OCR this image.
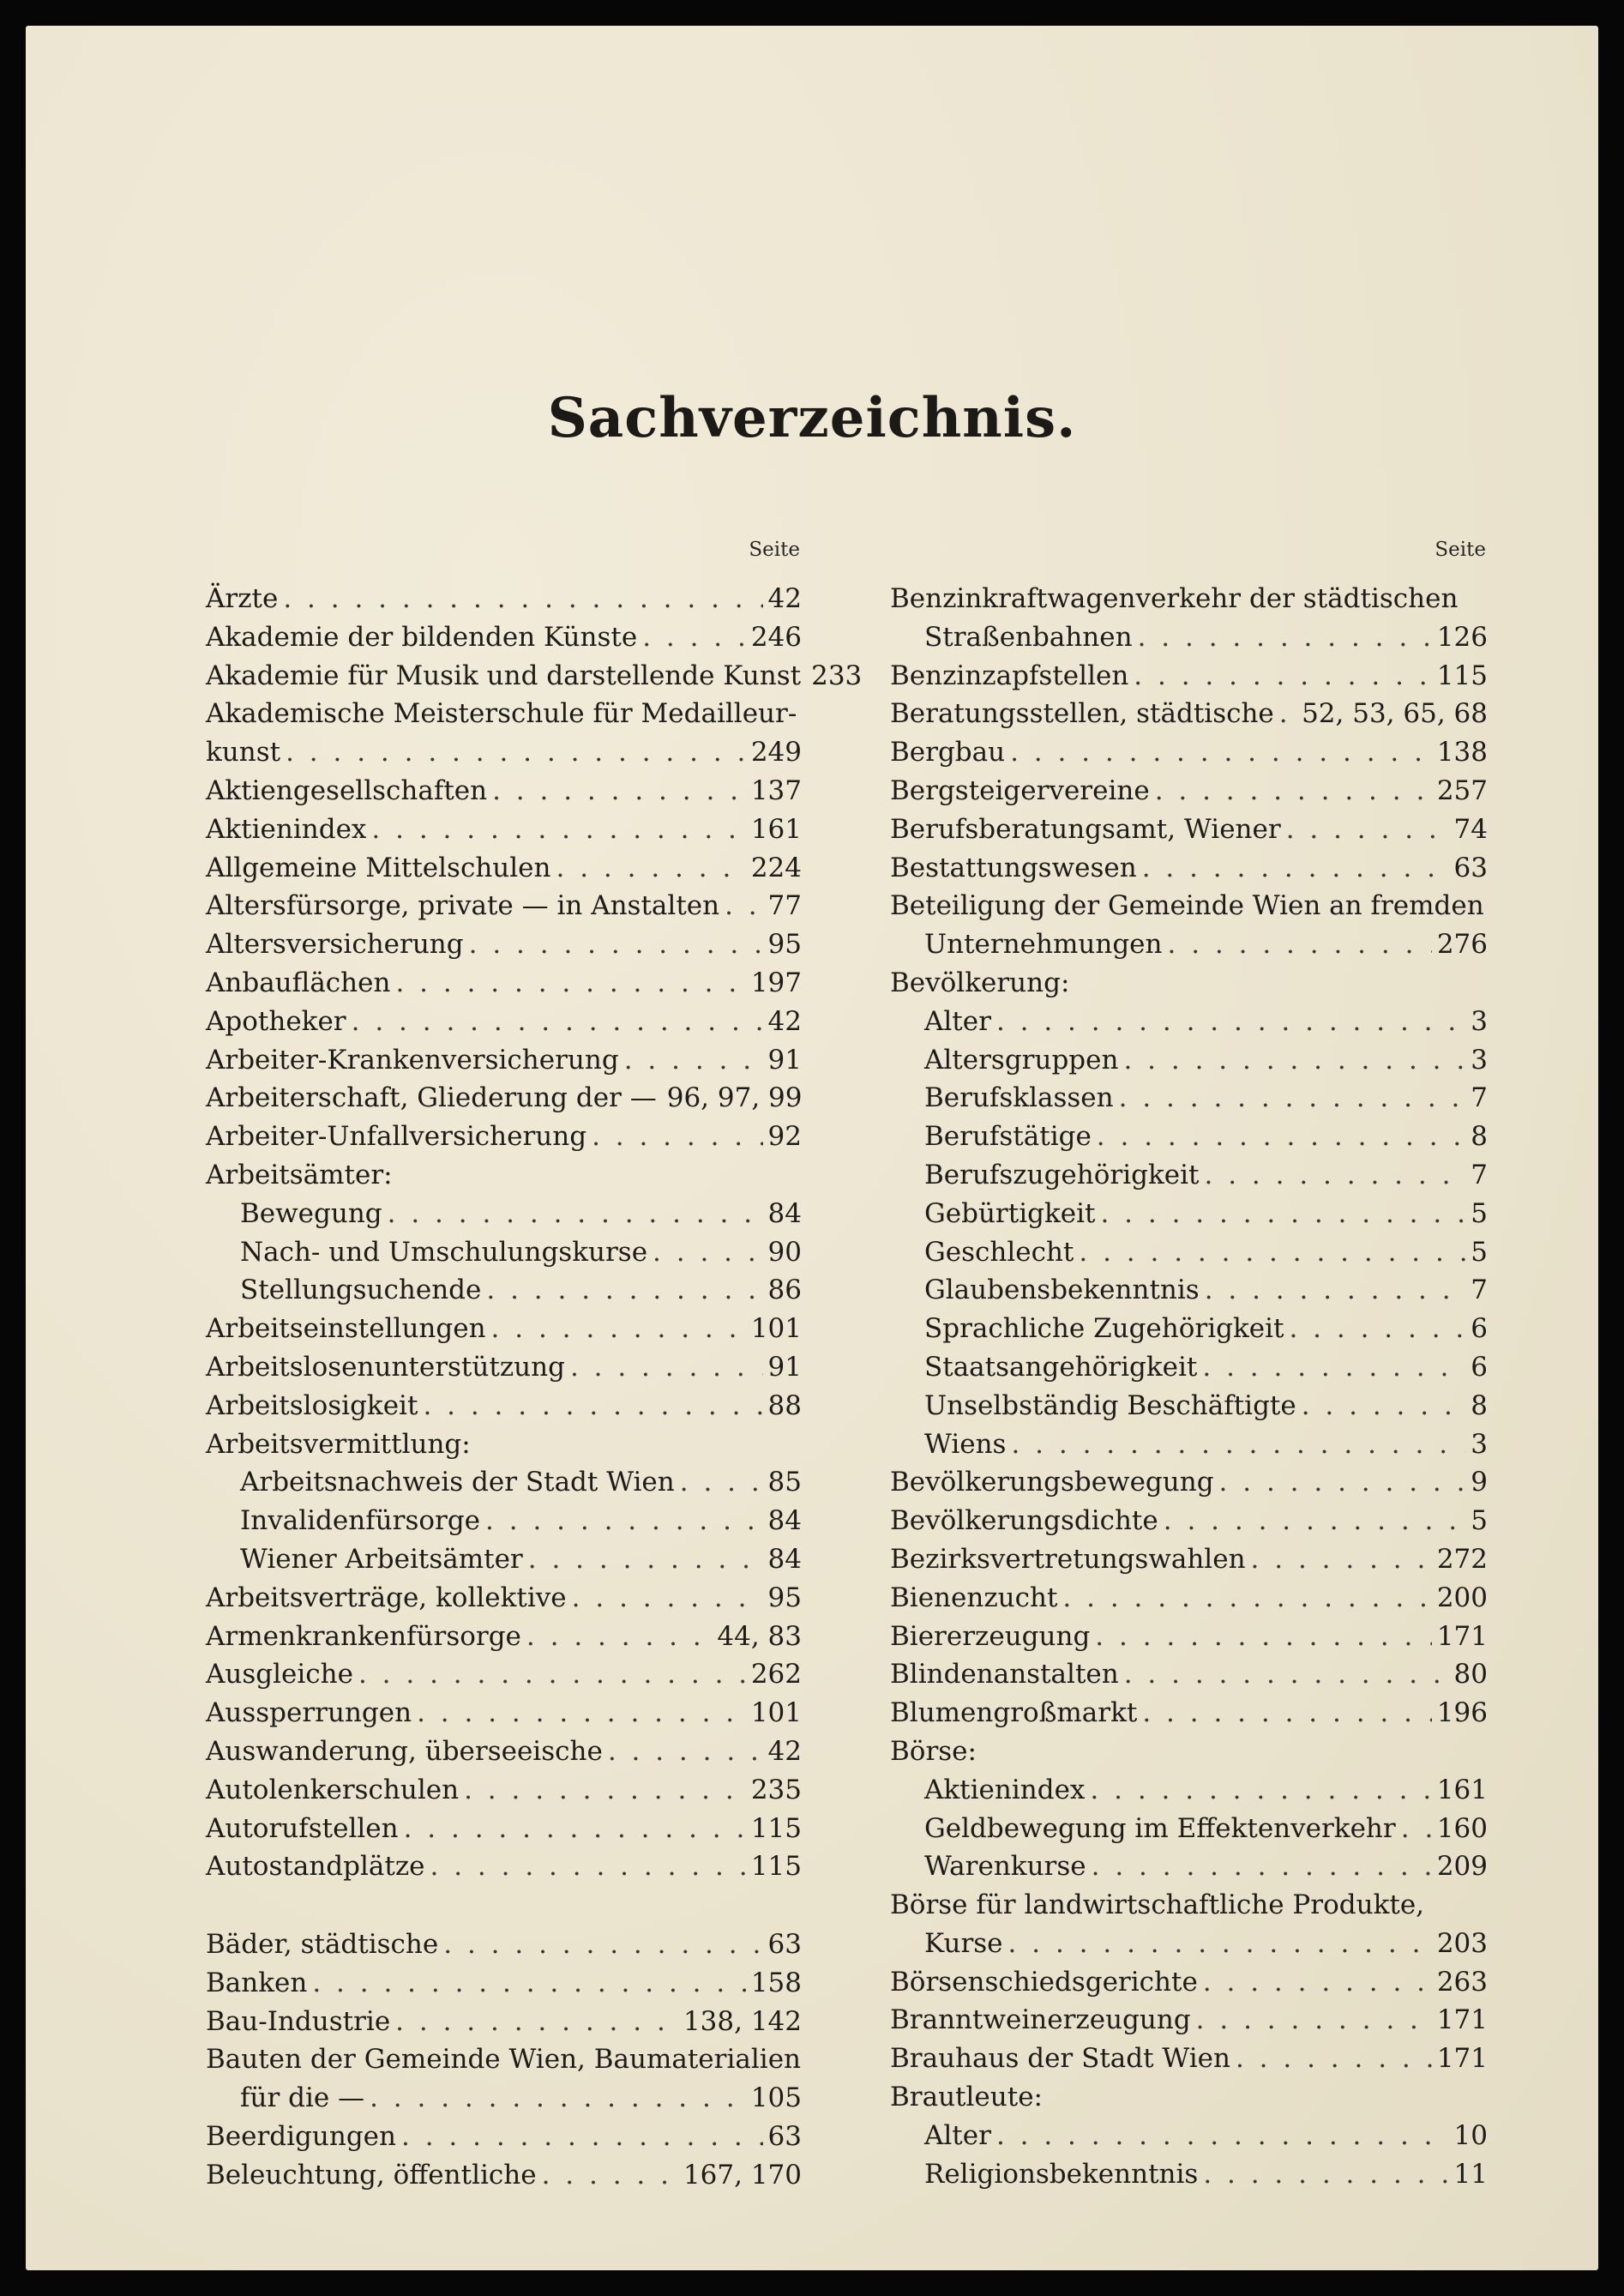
Sachverzeichnis.
Seite
Ärzte . . .	42
Akademie der bildenden Künste . . .	246
Akademie für Musik und darstellende Kunst 233
Akademische Meisterschule für Medailleur-
kunst . . .	249
Aktiengesellschaften . . .	137
Aktienindex . . .	161
Allgemeine Mittelschulen . . .	224
Altersfürsorge, private — in Anstalten . . . 77
Altersversicherung . . .	95
Anbauflächen . . .	197
Apotheker . . .	42
Arbeiter-Krankenversicherung . . .	91
Arbeiterschaft, Gliederung der — 96, 97, 99
Arbeiter-Unfallversicherung . . .	92
Arbeitsämter:
Bewegung . . .	84
Nach- und Umschulungskurse . . .	90
Stellungsuchende . . .	86
Arbeitseinstellungen . . .	101
Arbeitslosenunterstützung . . .	91
Arbeitslosigkeit . . .	88
Arbeitsvermittlung:
Arbeitsnachweis der Stadt Wien . . .	85
Invalidenfürsorge . . .	84
Wiener Arbeitsämter . . .	84
Arbeitsverträge, kollektive . . .	95
Armenkrankenfürsorge . . .	44, 83
Ausgleiche . . .	262
Aussperrungen . . .	101
Auswanderung, überseeische . . .	42
Autolenkerschulen . . .	235
Autorufstellen . . .	115
Autostandplätze . . .	115
Bäder, städtische . . .	63
Banken . . .	158
Bau-Industrie . . .	138, 142
Bauten der Gemeinde Wien, Baumaterialien
für die — . . .	105
Beerdigungen . . .	63
Beleuchtung, öffentliche . . .	167, 170
Seite
Benzinkraftwagenverkehr der städtischen
Straßenbahnen . . .	126
Benzinzapfstellen . . .	115
Beratungsstellen, städtische . . . 52, 53, 65, 68
Bergbau . . .	138
Bergsteigervereine . . .	257
Berufsberatungsamt, Wiener . . .	74
Bestattungswesen . . .	63
Beteiligung der Gemeinde Wien an fremden
Unternehmungen . . .	276
Bevölkerung:
Alter . . .	3
Altersgruppen . . .	3
Berufsklassen . . .	7
Berufstätige . . .	8
Berufszugehörigkeit . . .	7
Gebürtigkeit . . .	5
Geschlecht . . .	5
Glaubensbekenntnis . . .	7
Sprachliche Zugehörigkeit . . .	6
Staatsangehörigkeit . . .	6
Unselbständig Beschäftigte . . .	8
Wiens . . .	3
Bevölkerungsbewegung . . .	9
Bevölkerungsdichte . . .	5
Bezirksvertretungswahlen . . .	272
Bienenzucht . . .	200
Biererzeugung . . .	171
Blindenanstalten . . .	80
Blumengroßmarkt . . .	196
Börse:
Aktienindex . . .	161
Geldbewegung im Effektenverkehr . . . 160
Warenkurse . . .	209
Börse für landwirtschaftliche Produkte,
Kurse . . .	203
Börsenschiedsgerichte . . .	263
Branntweinerzeugung . . .	171
Brauhaus der Stadt Wien . . .	171
Brautleute:
Alter . . .	10
Religionsbekenntnis . . .	11
